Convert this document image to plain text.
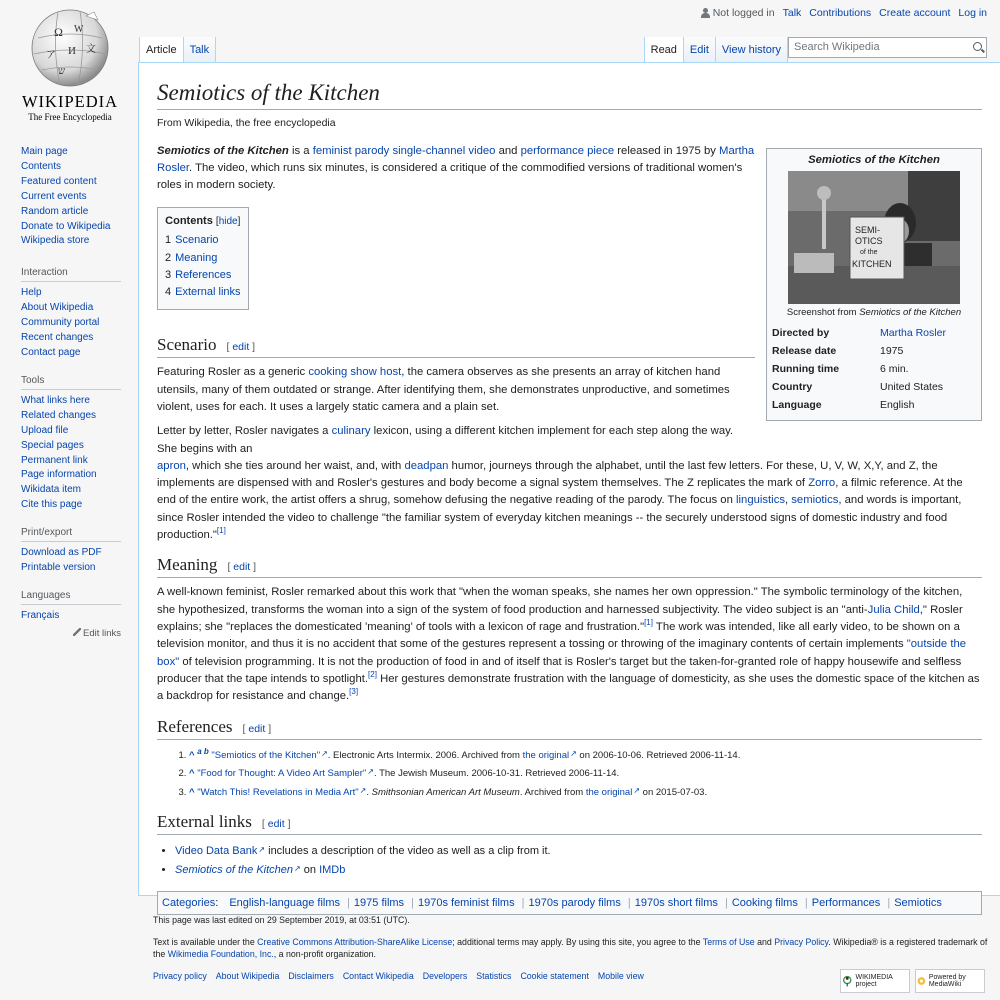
Not logged in Talk Contributions Create account Log in
Ω W
ア И 文
ש
WIKIPEDIA
The Free Encyclopedia
Main page
Contents
Featured content
Current events
Random article
Donate to Wikipedia
Wikipedia store
Interaction
Help
About Wikipedia
Community portal
Recent changes
Contact page
Tools
What links here
Related changes
Upload file
Special pages
Permanent link
Page information
Wikidata item
Cite this page
Print/export
Download as PDF
Printable version
Languages
Français
Edit links
Article	Talk	Read	Edit	View history	Search Wikipedia
Semiotics of the Kitchen
From Wikipedia, the free encyclopedia
Semiotics of the Kitchen
SEMI-
OTICS
of the
KITCHEN
Screenshot from Semiotics of the Kitchen
Directed by	Martha Rosler
Release date	1975
Running time	6 min.
Country	United States
Language	English

Semiotics of the Kitchen is a feminist parody single-channel video and performance piece released in 1975 by Martha Rosler. The video, which runs six minutes, is considered a critique of the commodified versions of traditional women's roles in modern society.

Contents [hide]
1 Scenario
2 Meaning
3 References
4 External links
Scenario [ edit ]

Featuring Rosler as a generic cooking show host, the camera observes as she presents an array of kitchen hand utensils, many of them outdated or strange. After identifying them, she demonstrates unproductive, and sometimes violent, uses for each. It uses a largely static camera and a plain set.

Letter by letter, Rosler navigates a culinary lexicon, using a different kitchen implement for each step along the way. She begins with an

apron, which she ties around her waist, and, with deadpan humor, journeys through the alphabet, until the last few letters. For these, U, V, W, X,Y, and Z, the implements are dispensed with and Rosler's gestures and body become a signal system themselves. The Z replicates the mark of Zorro, a filmic reference. At the end of the entire work, the artist offers a shrug, somehow defusing the negative reading of the parody. The focus on linguistics, semiotics, and words is important, since Rosler intended the video to challenge "the familiar system of everyday kitchen meanings -- the securely understood signs of domestic industry and food production."[1]

Meaning [ edit ]

A well-known feminist, Rosler remarked about this work that "when the woman speaks, she names her own oppression." The symbolic terminology of the kitchen, she hypothesized, transforms the woman into a sign of the system of food production and harnessed subjectivity. The video subject is an "anti-Julia Child," Rosler explains; she "replaces the domesticated 'meaning' of tools with a lexicon of rage and frustration."[1] The work was intended, like all early video, to be shown on a television monitor, and thus it is no accident that some of the gestures represent a tossing or throwing of the imaginary contents of certain implements "outside the box" of television programming. It is not the production of food in and of itself that is Rosler's target but the taken-for-granted role of happy housewife and selfless producer that the tape intends to spotlight.[2] Her gestures demonstrate frustration with the language of domesticity, as she uses the domestic space of the kitchen as a backdrop for resistance and change.[3]

References [ edit ]
1. ^ $^{a b}$ "Semiotics of the Kitchen" ↗ . Electronic Arts Intermix. 2006. Archived from the original ↗ on 2006-10-06. Retrieved 2006-11-14.
2. ^ "Food for Thought: A Video Art Sampler" ↗ . The Jewish Museum. 2006-10-31. Retrieved 2006-11-14.
3. ^ "Watch This! Revelations in Media Art" ↗ . Smithsonian American Art Museum. Archived from the original ↗ on 2015-07-03.
External links [ edit ]
• Video Data Bank ↗ includes a description of the video as well as a clip from it.
• Semiotics of the Kitchen ↗ on IMDb
Categories: English-language films | 1975 films | 1970s feminist films | 1970s parody films | 1970s short films | Cooking films | Performances | Semiotics

This page was last edited on 29 September 2019, at 03:51 (UTC).

Text is available under the Creative Commons Attribution-ShareAlike License; additional terms may apply. By using this site, you agree to the Terms of Use and Privacy Policy. Wikipedia® is a registered trademark of the Wikimedia Foundation, Inc., a non-profit organization.

Privacy policy About Wikipedia Disclaimers Contact Wikipedia Developers Statistics Cookie statement Mobile view	WIKIMEDIA project
Powered by MediaWiki
